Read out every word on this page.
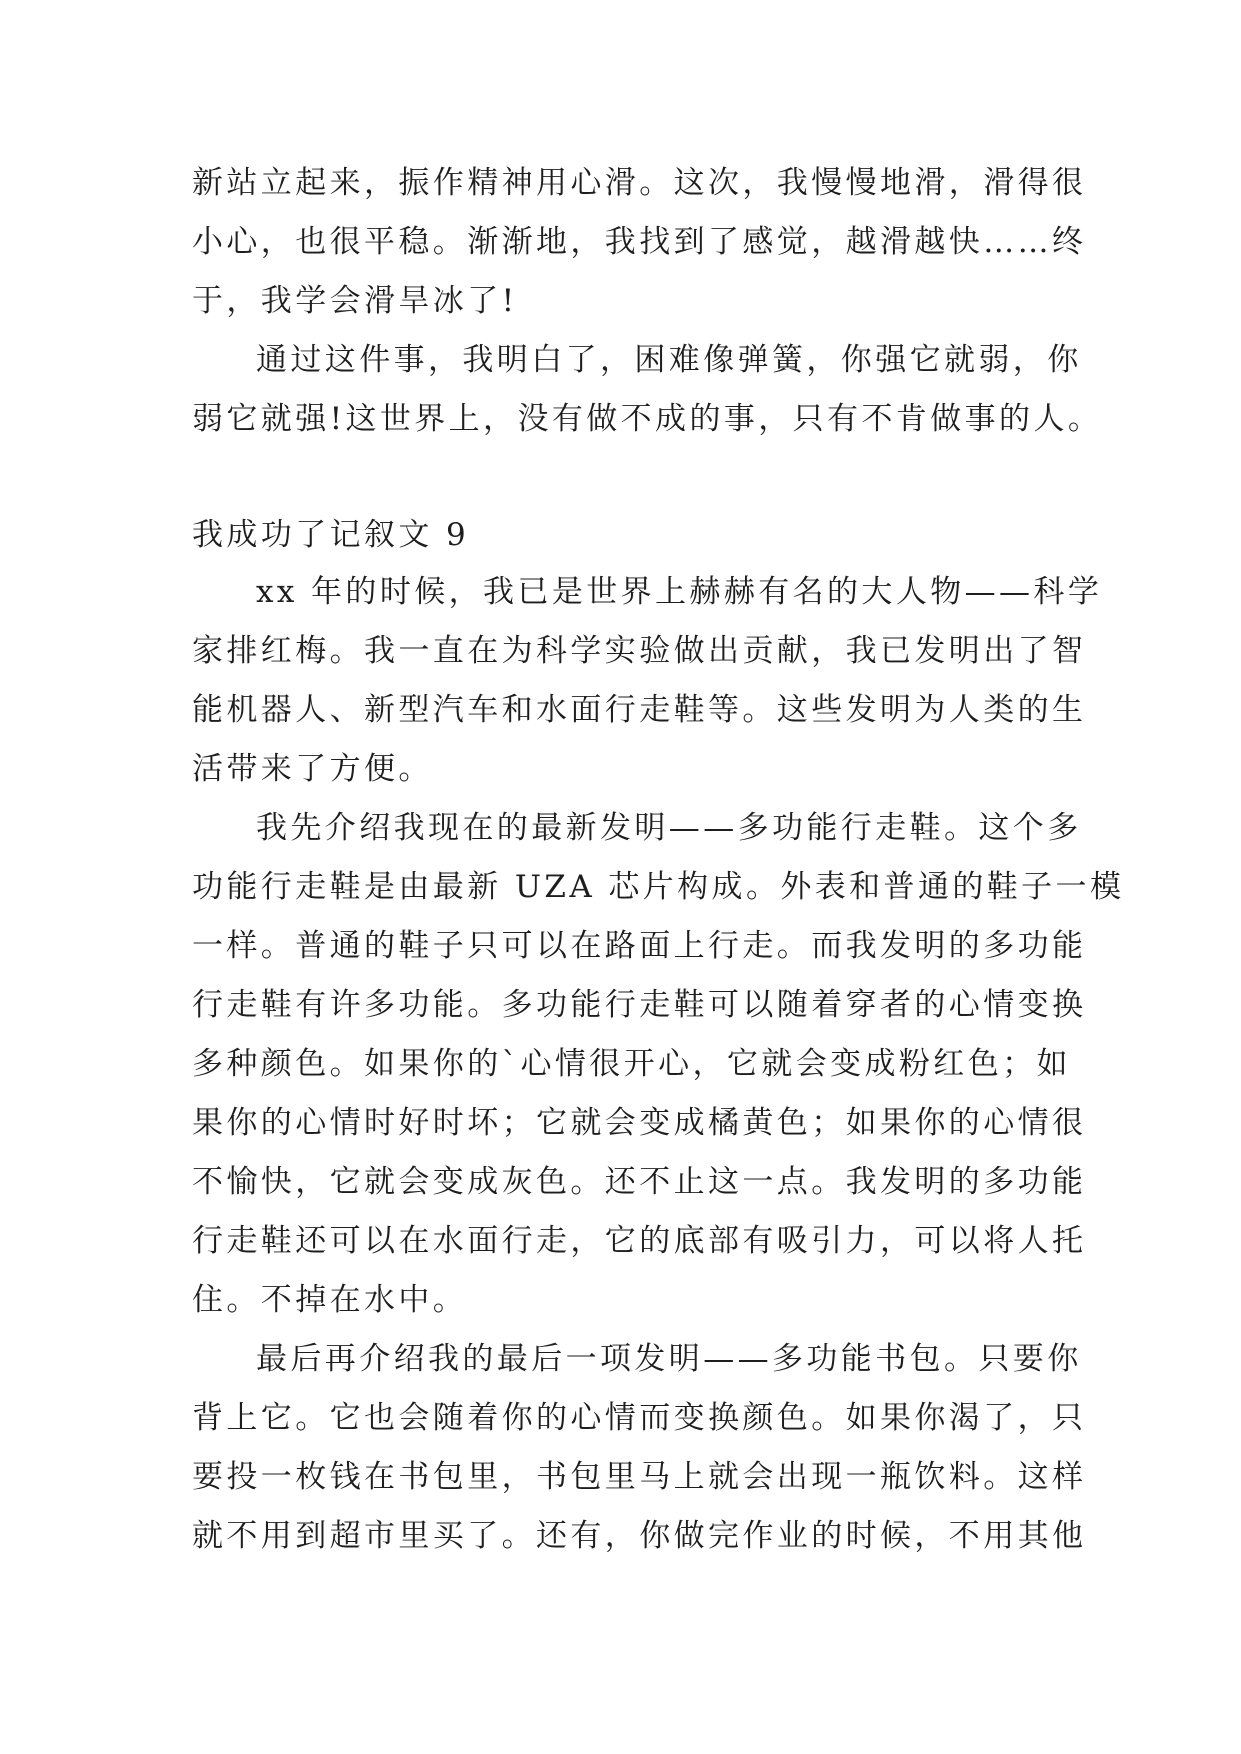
新站立起来，振作精神用心滑。这次，我慢慢地滑，滑得很
小心，也很平稳。渐渐地，我找到了感觉，越滑越快……终
于，我学会滑旱冰了!
通过这件事，我明白了，困难像弹簧，你强它就弱，你
弱它就强!这世界上，没有做不成的事，只有不肯做事的人。
我成功了记叙文 9
xx 年的时候，我已是世界上赫赫有名的大人物——科学
家排红梅。我一直在为科学实验做出贡献，我已发明出了智
能机器人、新型汽车和水面行走鞋等。这些发明为人类的生
活带来了方便。
我先介绍我现在的最新发明——多功能行走鞋。这个多
功能行走鞋是由最新 UZA 芯片构成。外表和普通的鞋子一模
一样。普通的鞋子只可以在路面上行走。而我发明的多功能
行走鞋有许多功能。多功能行走鞋可以随着穿者的心情变换
多种颜色。如果你的`心情很开心，它就会变成粉红色；如
果你的心情时好时坏；它就会变成橘黄色；如果你的心情很
不愉快，它就会变成灰色。还不止这一点。我发明的多功能
行走鞋还可以在水面行走，它的底部有吸引力，可以将人托
住。不掉在水中。
最后再介绍我的最后一项发明——多功能书包。只要你
背上它。它也会随着你的心情而变换颜色。如果你渴了，只
要投一枚钱在书包里，书包里马上就会出现一瓶饮料。这样
就不用到超市里买了。还有，你做完作业的时候，不用其他
